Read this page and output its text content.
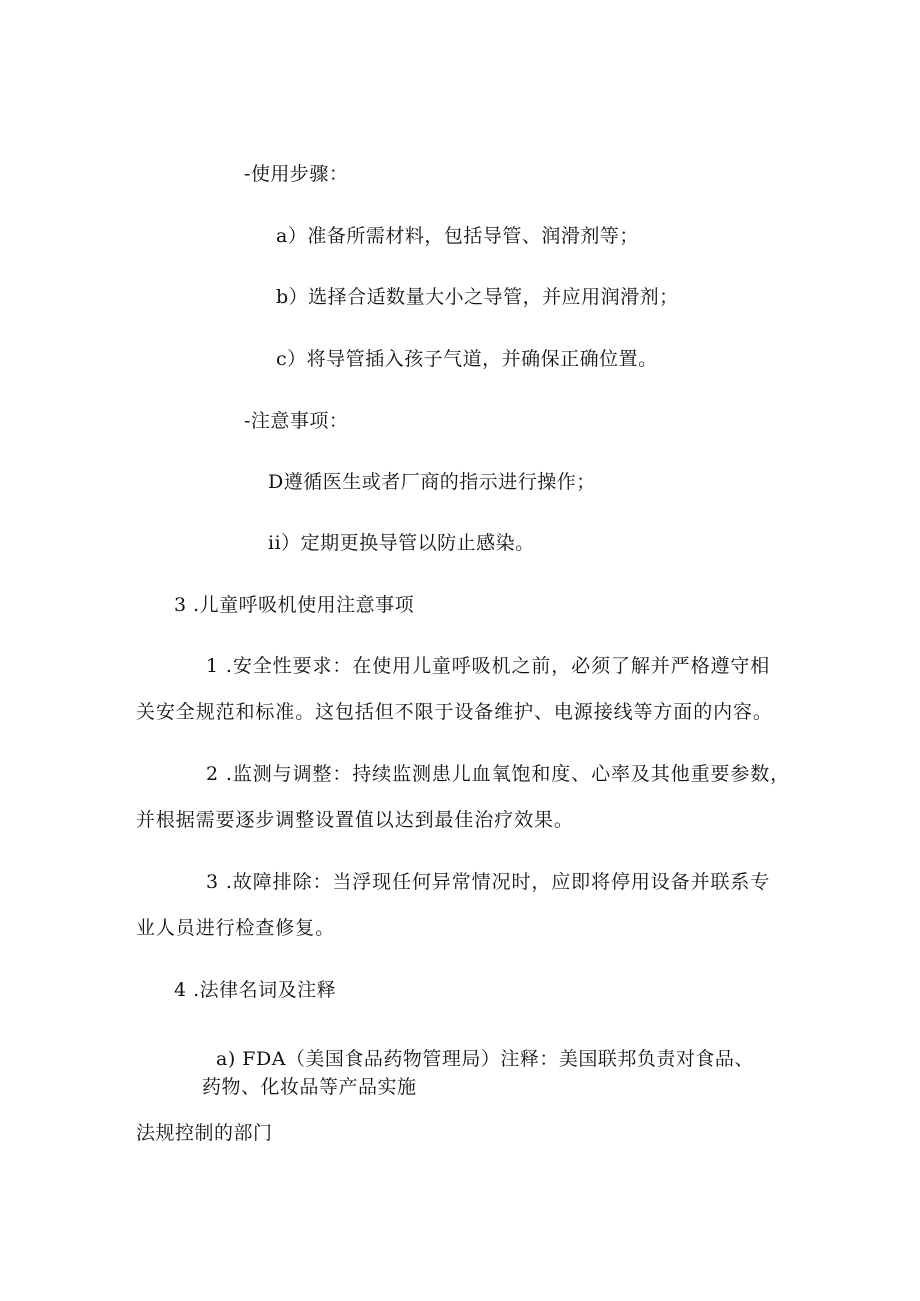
-使用步骤：
a）准备所需材料，包括导管、润滑剂等；
b）选择合适数量大小之导管，并应用润滑剂；
c）将导管插入孩子气道，并确保正确位置。
-注意事项：
D遵循医生或者厂商的指示进行操作；
ii）定期更换导管以防止感染。
3 .儿童呼吸机使用注意事项
1 .安全性要求：在使用儿童呼吸机之前，必须了解并严格遵守相
关安全规范和标准。这包括但不限于设备维护、电源接线等方面的内容。
2 .监测与调整：持续监测患儿血氧饱和度、心率及其他重要参数，
并根据需要逐步调整设置值以达到最佳治疗效果。
3 .故障排除：当浮现任何异常情况时，应即将停用设备并联系专
业人员进行检查修复。
4 .法律名词及注释
a) FDA（美国食品药物管理局）注释：美国联邦负责对食品、
药物、化妆品等产品实施
法规控制的部门
